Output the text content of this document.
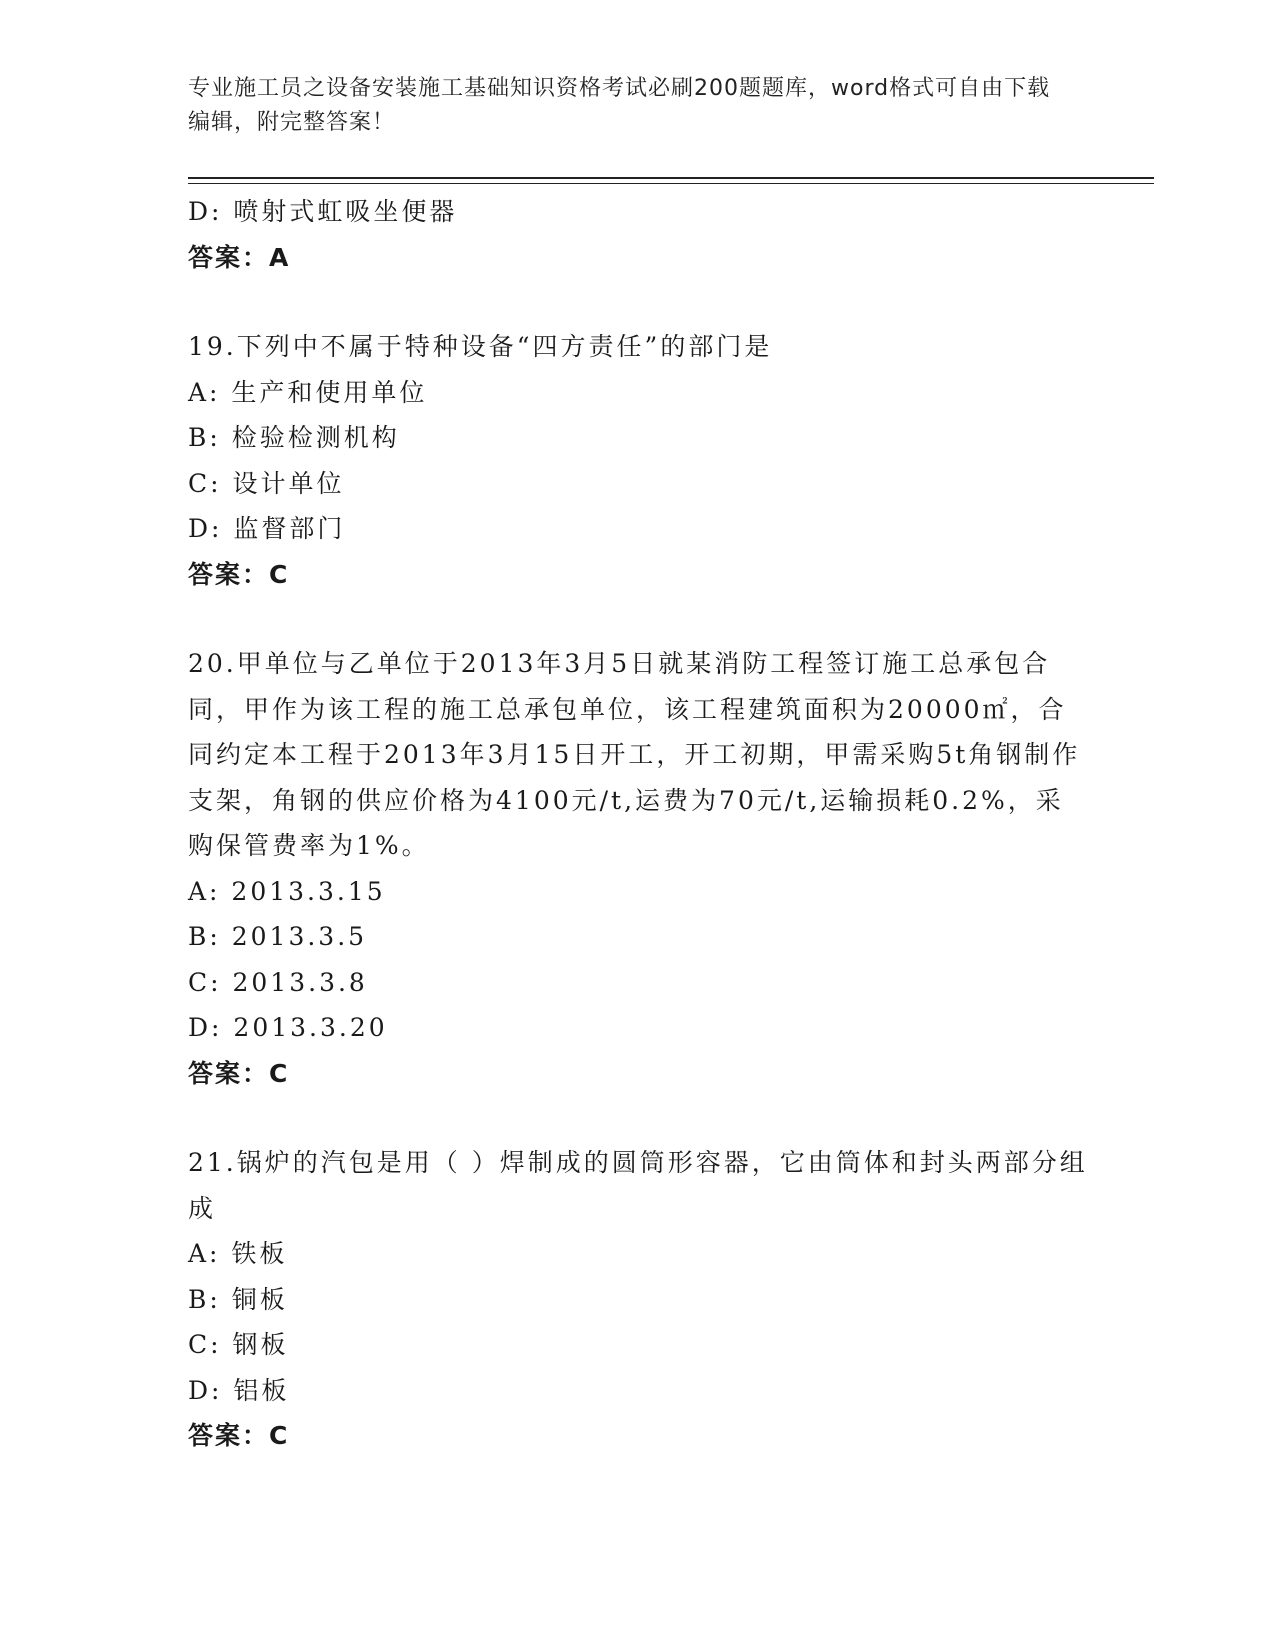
专业施工员之设备安装施工基础知识资格考试必刷200题题库，word格式可自由下载编辑，附完整答案！
D: 喷射式虹吸坐便器
答案：A
19.下列中不属于特种设备“四方责任”的部门是
A: 生产和使用单位
B: 检验检测机构
C: 设计单位
D: 监督部门
答案：C
20.甲单位与乙单位于2013年3月5日就某消防工程签订施工总承包合同，甲作为该工程的施工总承包单位，该工程建筑面积为20000㎡，合同约定本工程于2013年3月15日开工，开工初期，甲需采购5t角钢制作支架，角钢的供应价格为4100元/t,运费为70元/t,运输损耗0.2%，采购保管费率为1%。
A: 2013.3.15
B: 2013.3.5
C: 2013.3.8
D: 2013.3.20
答案：C
21.锅炉的汽包是用（ ）焊制成的圆筒形容器，它由筒体和封头两部分组成
A: 铁板
B: 铜板
C: 钢板
D: 铝板
答案：C
